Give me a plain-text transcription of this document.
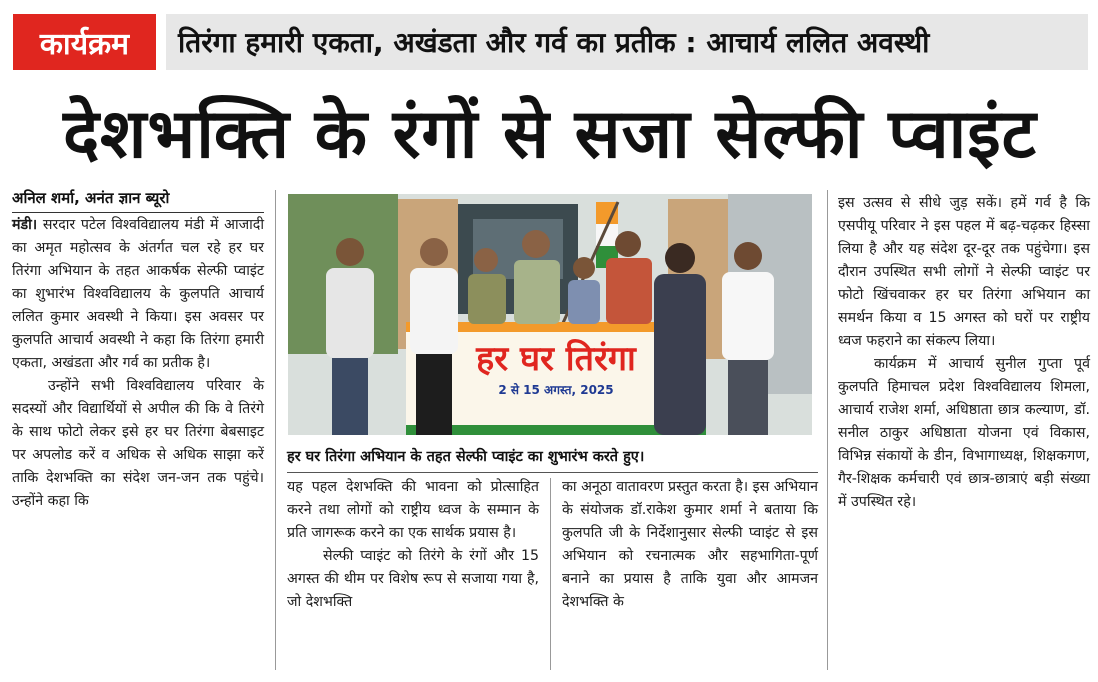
कार्यक्रम	तिरंगा हमारी एकता, अखंडता और गर्व का प्रतीक : आचार्य ललित अवस्थी
देशभक्ति के रंगों से सजा सेल्फी प्वाइंट
अनिल शर्मा, अनंत ज्ञान ब्यूरो

मंडी। सरदार पटेल विश्वविद्यालय मंडी में आजादी का अमृत महोत्सव के अंतर्गत चल रहे हर घर तिरंगा अभियान के तहत आकर्षक सेल्फी प्वाइंट का शुभारंभ विश्वविद्यालय के कुलपति आचार्य ललित कुमार अवस्थी ने किया। इस अवसर पर कुलपति आचार्य अवस्थी ने कहा कि तिरंगा हमारी एकता, अखंडता और गर्व का प्रतीक है।

उन्होंने सभी विश्वविद्यालय परिवार के सदस्यों और विद्यार्थियों से अपील की कि वे तिरंगे के साथ फोटो लेकर इसे हर घर तिरंगा बेबसाइट पर अपलोड करें व अधिक से अधिक साझा करें ताकि देशभक्ति का संदेश जन-जन तक पहुंचे। उन्होंने कहा कि

हर घर तिरंगा
2 से 15 अगस्त, 2025
हर घर तिरंगा अभियान के तहत सेल्फी प्वाइंट का शुभारंभ करते हुए।

यह पहल देशभक्ति की भावना को प्रोत्साहित करने तथा लोगों को राष्ट्रीय ध्वज के सम्मान के प्रति जागरूक करने का एक सार्थक प्रयास है।

सेल्फी प्वाइंट को तिरंगे के रंगों और 15 अगस्त की थीम पर विशेष रूप से सजाया गया है, जो देशभक्ति

का अनूठा वातावरण प्रस्तुत करता है। इस अभियान के संयोजक डॉ.राकेश कुमार शर्मा ने बताया कि कुलपति जी के निर्देशानुसार सेल्फी प्वाइंट से इस अभियान को रचनात्मक और सहभागिता-पूर्ण बनाने का प्रयास है ताकि युवा और आमजन देशभक्ति के

इस उत्सव से सीधे जुड़ सकें। हमें गर्व है कि एसपीयू परिवार ने इस पहल में बढ़-चढ़कर हिस्सा लिया है और यह संदेश दूर-दूर तक पहुंचेगा। इस दौरान उपस्थित सभी लोगों ने सेल्फी प्वाइंट पर फोटो खिंचवाकर हर घर तिरंगा अभियान का समर्थन किया व 15 अगस्त को घरों पर राष्ट्रीय ध्वज फहराने का संकल्प लिया।

कार्यक्रम में आचार्य सुनील गुप्ता पूर्व कुलपति हिमाचल प्रदेश विश्वविद्यालय शिमला, आचार्य राजेश शर्मा, अधिष्ठाता छात्र कल्याण, डॉ. सनील ठाकुर अधिष्ठाता योजना एवं विकास, विभिन्न संकायों के डीन, विभागाध्यक्ष, शिक्षकगण, गैर-शिक्षक कर्मचारी एवं छात्र-छात्राएं बड़ी संख्या में उपस्थित रहे।
